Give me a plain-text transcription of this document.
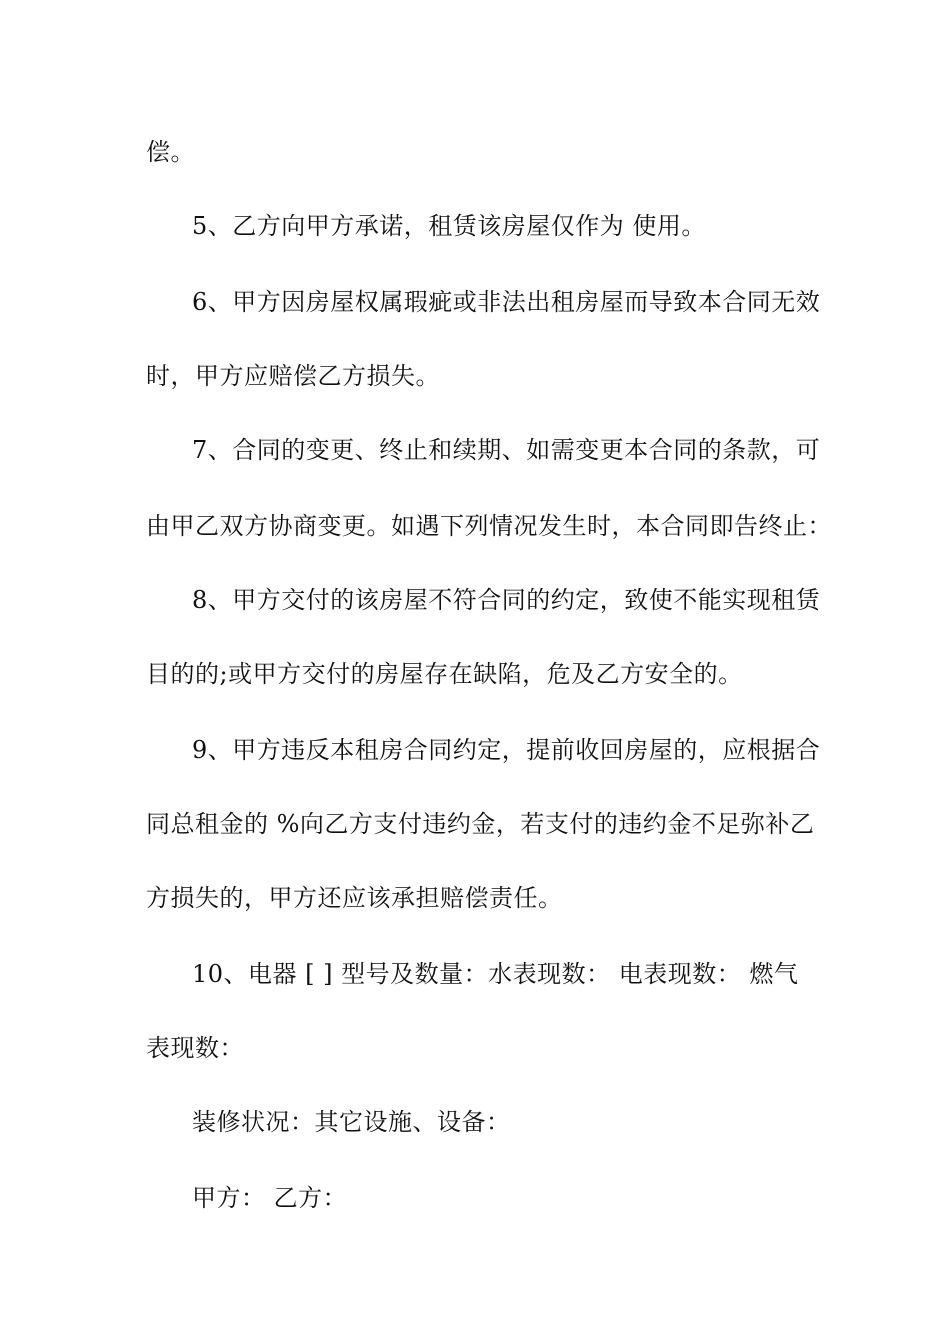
偿。
5、乙方向甲方承诺，租赁该房屋仅作为 使用。
6、甲方因房屋权属瑕疵或非法出租房屋而导致本合同无效
时，甲方应赔偿乙方损失。
7、合同的变更、终止和续期、如需变更本合同的条款，可
由甲乙双方协商变更。如遇下列情况发生时，本合同即告终止：
8、甲方交付的该房屋不符合同的约定，致使不能实现租赁
目的的;或甲方交付的房屋存在缺陷，危及乙方安全的。
9、甲方违反本租房合同约定，提前收回房屋的，应根据合
同总租金的 %向乙方支付违约金，若支付的违约金不足弥补乙
方损失的，甲方还应该承担赔偿责任。
10、电器 [ ] 型号及数量：水表现数： 电表现数： 燃气
表现数：
装修状况：其它设施、设备：
甲方： 乙方：
